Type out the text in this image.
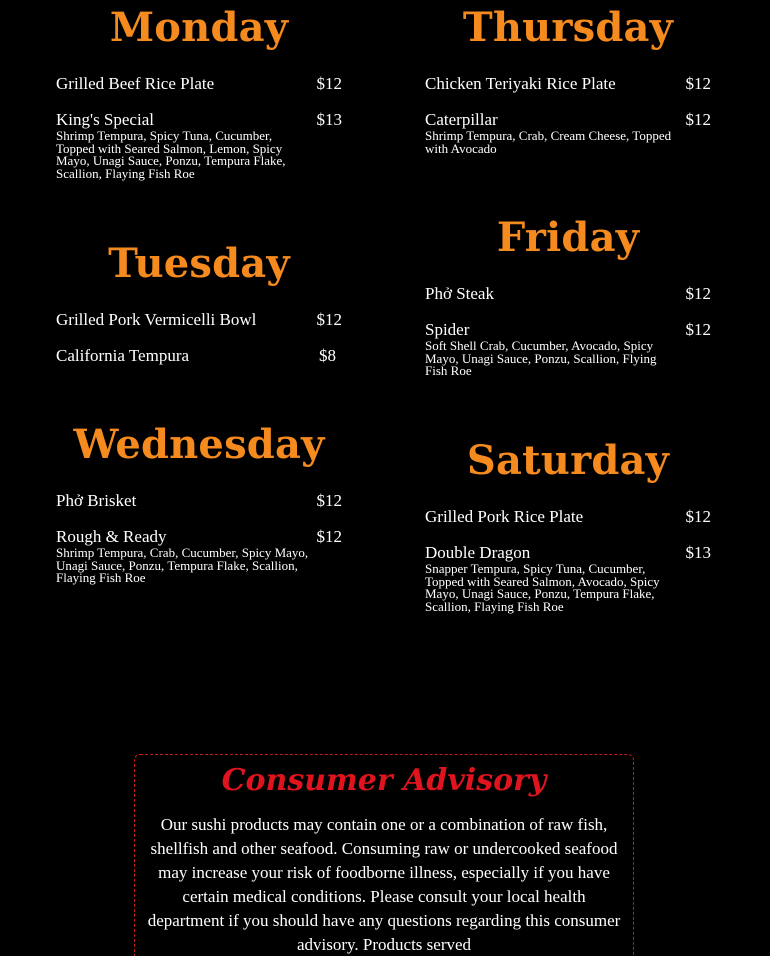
Monday
Grilled Beef Rice Plate	$12
King's Special	$13
Shrimp Tempura, Spicy Tuna, Cucumber, Topped with Seared Salmon, Lemon, Spicy Mayo, Unagi Sauce, Ponzu, Tempura Flake, Scallion, Flaying Fish Roe
Tuesday
Grilled Pork Vermicelli Bowl	$12
California Tempura	$8
Wednesday
Phở Brisket	$12
Rough & Ready	$12
Shrimp Tempura, Crab, Cucumber, Spicy Mayo, Unagi Sauce, Ponzu, Tempura Flake, Scallion, Flaying Fish Roe
Thursday
Chicken Teriyaki Rice Plate	$12
Caterpillar	$12
Shrimp Tempura, Crab, Cream Cheese, Topped with Avocado
Friday
Phở Steak	$12
Spider	$12
Soft Shell Crab, Cucumber, Avocado, Spicy Mayo, Unagi Sauce, Ponzu, Scallion, Flying Fish Roe
Saturday
Grilled Pork Rice Plate	$12
Double Dragon	$13
Snapper Tempura, Spicy Tuna, Cucumber, Topped with Seared Salmon, Avocado, Spicy Mayo, Unagi Sauce, Ponzu, Tempura Flake, Scallion, Flaying Fish Roe
Consumer Advisory

Our sushi products may contain one or a combination of raw fish, shellfish and other seafood. Consuming raw or undercooked seafood may increase your risk of foodborne illness, especially if you have certain medical conditions. Please consult your local health department if you should have any questions regarding this consumer advisory. Products served
